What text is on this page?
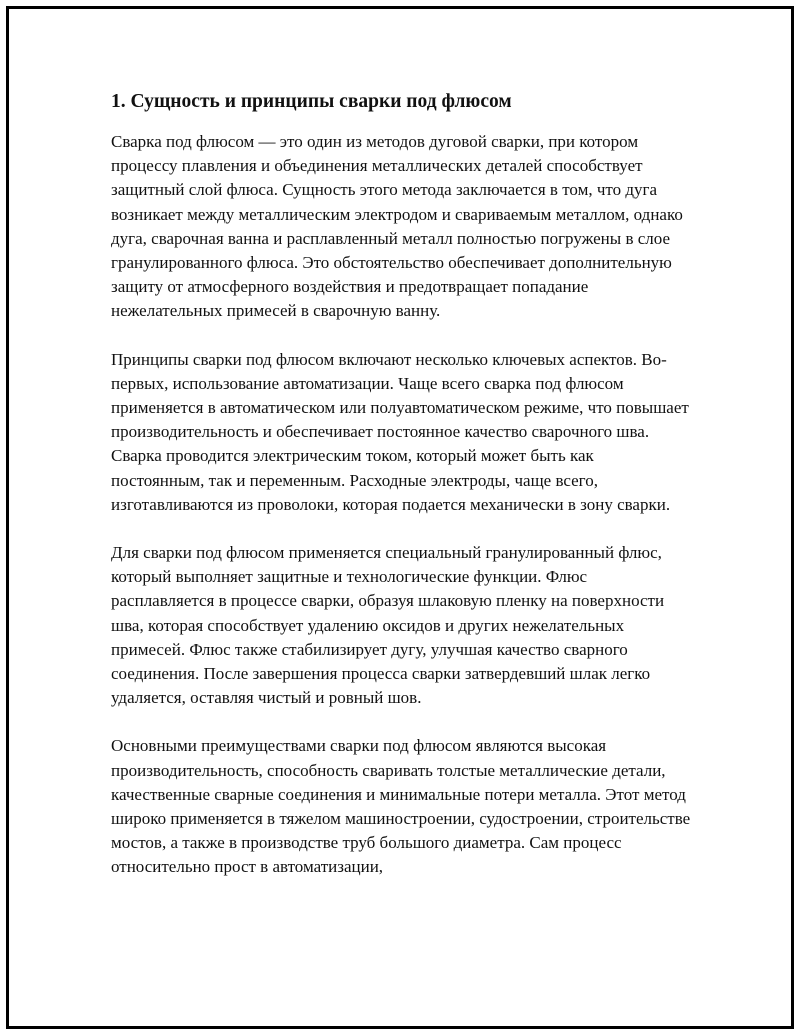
1. Сущность и принципы сварки под флюсом

Сварка под флюсом — это один из методов дуговой сварки, при котором процессу плавления и объединения металлических деталей способствует защитный слой флюса. Сущность этого метода заключается в том, что дуга возникает между металлическим электродом и свариваемым металлом, однако дуга, сварочная ванна и расплавленный металл полностью погружены в слое гранулированного флюса. Это обстоятельство обеспечивает дополнительную защиту от атмосферного воздействия и предотвращает попадание нежелательных примесей в сварочную ванну.

Принципы сварки под флюсом включают несколько ключевых аспектов. Во-первых, использование автоматизации. Чаще всего сварка под флюсом применяется в автоматическом или полуавтоматическом режиме, что повышает производительность и обеспечивает постоянное качество сварочного шва. Сварка проводится электрическим током, который может быть как постоянным, так и переменным. Расходные электроды, чаще всего, изготавливаются из проволоки, которая подается механически в зону сварки.

Для сварки под флюсом применяется специальный гранулированный флюс, который выполняет защитные и технологические функции. Флюс расплавляется в процессе сварки, образуя шлаковую пленку на поверхности шва, которая способствует удалению оксидов и других нежелательных примесей. Флюс также стабилизирует дугу, улучшая качество сварного соединения. После завершения процесса сварки затвердевший шлак легко удаляется, оставляя чистый и ровный шов.

Основными преимуществами сварки под флюсом являются высокая производительность, способность сваривать толстые металлические детали, качественные сварные соединения и минимальные потери металла. Этот метод широко применяется в тяжелом машиностроении, судостроении, строительстве мостов, а также в производстве труб большого диаметра. Сам процесс относительно прост в автоматизации,
